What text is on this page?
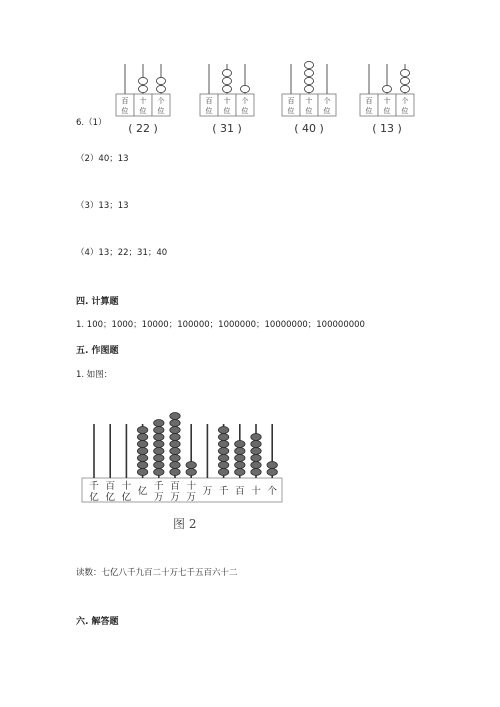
6.（1）
百
位
十
位
个
位
( 22 )
百
位
十
位
个
位
( 31 )
百
位
十
位
个
位
( 40 )
百
位
十
位
个
位
( 13 )
（2）40；13
（3）13；13
（4）13；22；31；40
四. 计算题
1. 100；1000；10000；100000；1000000；10000000；100000000
五. 作图题
1. 如图：
千
亿
百
亿
十
亿
亿 千
万
百
万
十
万
万 千 百 十 个
图 2
读数：七亿八千九百二十万七千五百六十二
六. 解答题
